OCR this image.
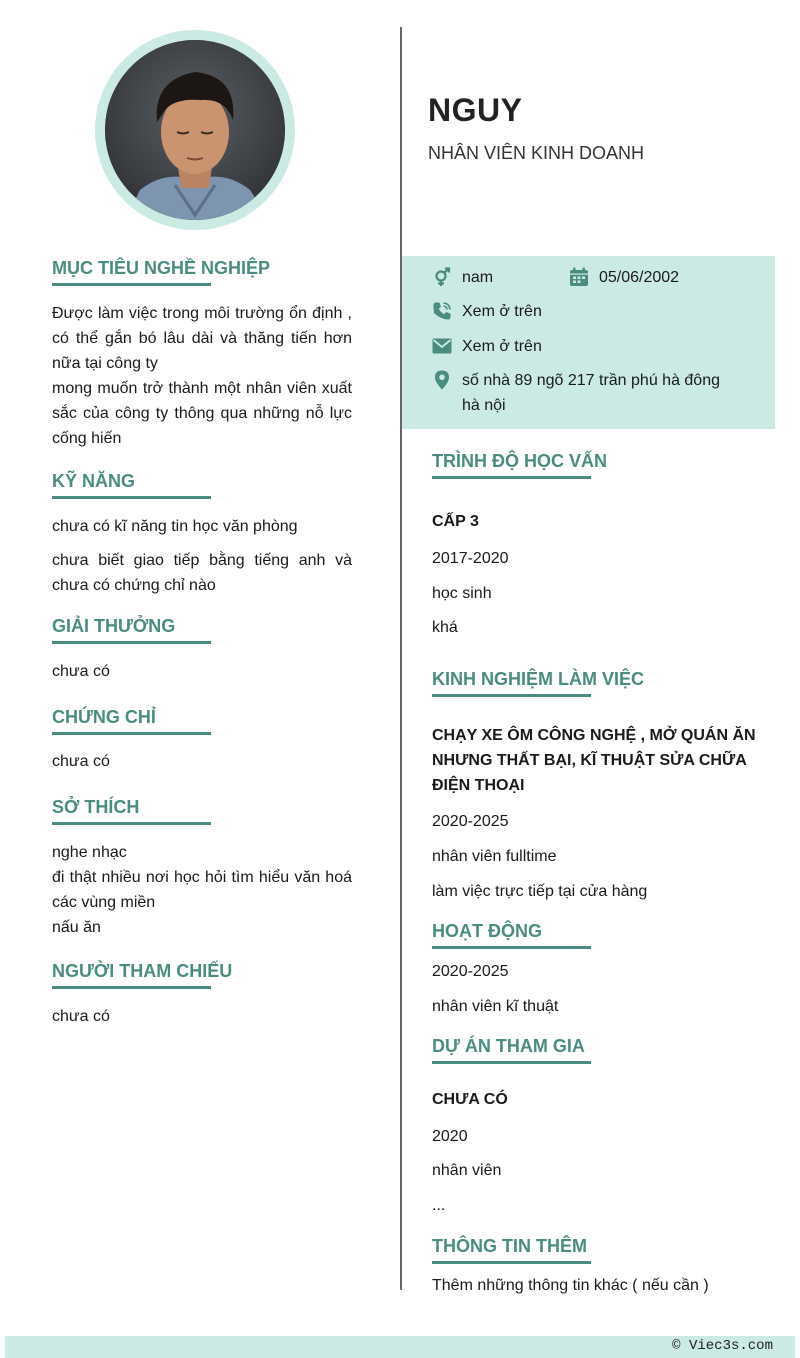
MỤC TIÊU NGHỀ NGHIỆP
Được làm việc trong môi trường ổn định , có thể gắn bó lâu dài và thăng tiến hơn nữa tại công ty
mong muốn trở thành một nhân viên xuất sắc của công ty thông qua những nỗ lực cống hiến
KỸ NĂNG
chưa có kĩ năng tin học văn phòng
chưa biết giao tiếp bằng tiếng anh và chưa có chứng chỉ nào
GIẢI THƯỞNG
chưa có
CHỨNG CHỈ
chưa có
SỞ THÍCH
nghe nhạc
đi thật nhiều nơi học hỏi tìm hiểu văn hoá các vùng miền
nấu ăn
NGƯỜI THAM CHIẾU
chưa có
NGUY
NHÂN VIÊN KINH DOANH
nam	05/06/2002
Xem ở trên
Xem ở trên
số nhà 89 ngõ 217 trần phú hà đông
hà nội
TRÌNH ĐỘ HỌC VẤN
CẤP 3
2017-2020
học sinh
khá
KINH NGHIỆM LÀM VIỆC
CHẠY XE ÔM CÔNG NGHỆ , MỞ QUÁN ĂN NHƯNG THẤT BẠI, KĨ THUẬT SỬA CHỮA ĐIỆN THOẠI
2020-2025
nhân viên fulltime
làm việc trực tiếp tại cửa hàng
HOẠT ĐỘNG
2020-2025
nhân viên kĩ thuật
DỰ ÁN THAM GIA
CHƯA CÓ
2020
nhân viên
...
THÔNG TIN THÊM
Thêm những thông tin khác ( nếu cần )
© Viec3s.com
